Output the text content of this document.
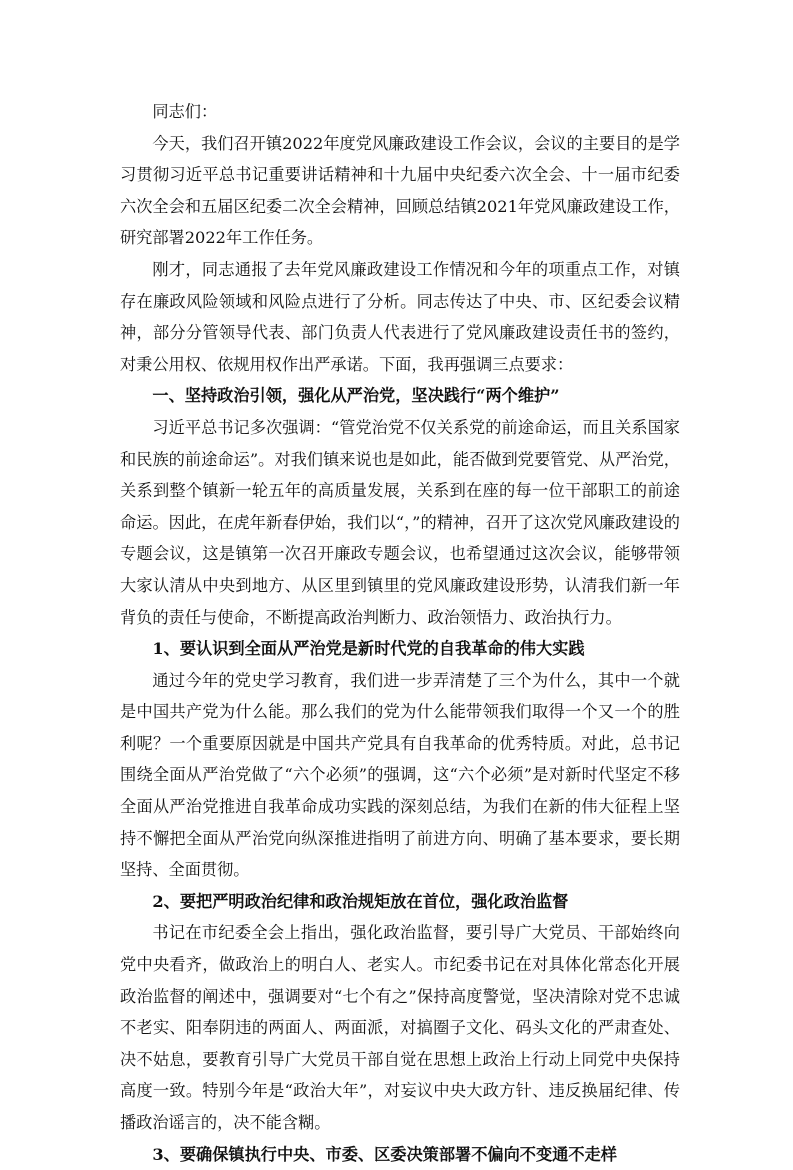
同志们：

今天，我们召开镇2022年度党风廉政建设工作会议，会议的主要目的是学习贯彻习近平总书记重要讲话精神和十九届中央纪委六次全会、十一届市纪委六次全会和五届区纪委二次全会精神，回顾总结镇2021年党风廉政建设工作，研究部署2022年工作任务。

刚才，同志通报了去年党风廉政建设工作情况和今年的项重点工作，对镇存在廉政风险领域和风险点进行了分析。同志传达了中央、市、区纪委会议精神，部分分管领导代表、部门负责人代表进行了党风廉政建设责任书的签约，对秉公用权、依规用权作出严承诺。下面，我再强调三点要求：

一、坚持政治引领，强化从严治党，坚决践行“两个维护”

习近平总书记多次强调：“管党治党不仅关系党的前途命运，而且关系国家和民族的前途命运”。对我们镇来说也是如此，能否做到党要管党、从严治党，关系到整个镇新一轮五年的高质量发展，关系到在座的每一位干部职工的前途命运。因此，在虎年新春伊始，我们以“，”的精神，召开了这次党风廉政建设的专题会议，这是镇第一次召开廉政专题会议，也希望通过这次会议，能够带领大家认清从中央到地方、从区里到镇里的党风廉政建设形势，认清我们新一年背负的责任与使命，不断提高政治判断力、政治领悟力、政治执行力。

1、要认识到全面从严治党是新时代党的自我革命的伟大实践

通过今年的党史学习教育，我们进一步弄清楚了三个为什么，其中一个就是中国共产党为什么能。那么我们的党为什么能带领我们取得一个又一个的胜利呢？一个重要原因就是中国共产党具有自我革命的优秀特质。对此，总书记围绕全面从严治党做了“六个必须”的强调，这“六个必须”是对新时代坚定不移全面从严治党推进自我革命成功实践的深刻总结，为我们在新的伟大征程上坚持不懈把全面从严治党向纵深推进指明了前进方向、明确了基本要求，要长期坚持、全面贯彻。

2、要把严明政治纪律和政治规矩放在首位，强化政治监督

书记在市纪委全会上指出，强化政治监督，要引导广大党员、干部始终向党中央看齐，做政治上的明白人、老实人。市纪委书记在对具体化常态化开展政治监督的阐述中，强调要对“七个有之”保持高度警觉，坚决清除对党不忠诚不老实、阳奉阴违的两面人、两面派，对搞圈子文化、码头文化的严肃查处、决不姑息，要教育引导广大党员干部自觉在思想上政治上行动上同党中央保持高度一致。特别今年是“政治大年”，对妄议中央大政方针、违反换届纪律、传播政治谣言的，决不能含糊。

3、要确保镇执行中央、市委、区委决策部署不偏向不变通不走样
